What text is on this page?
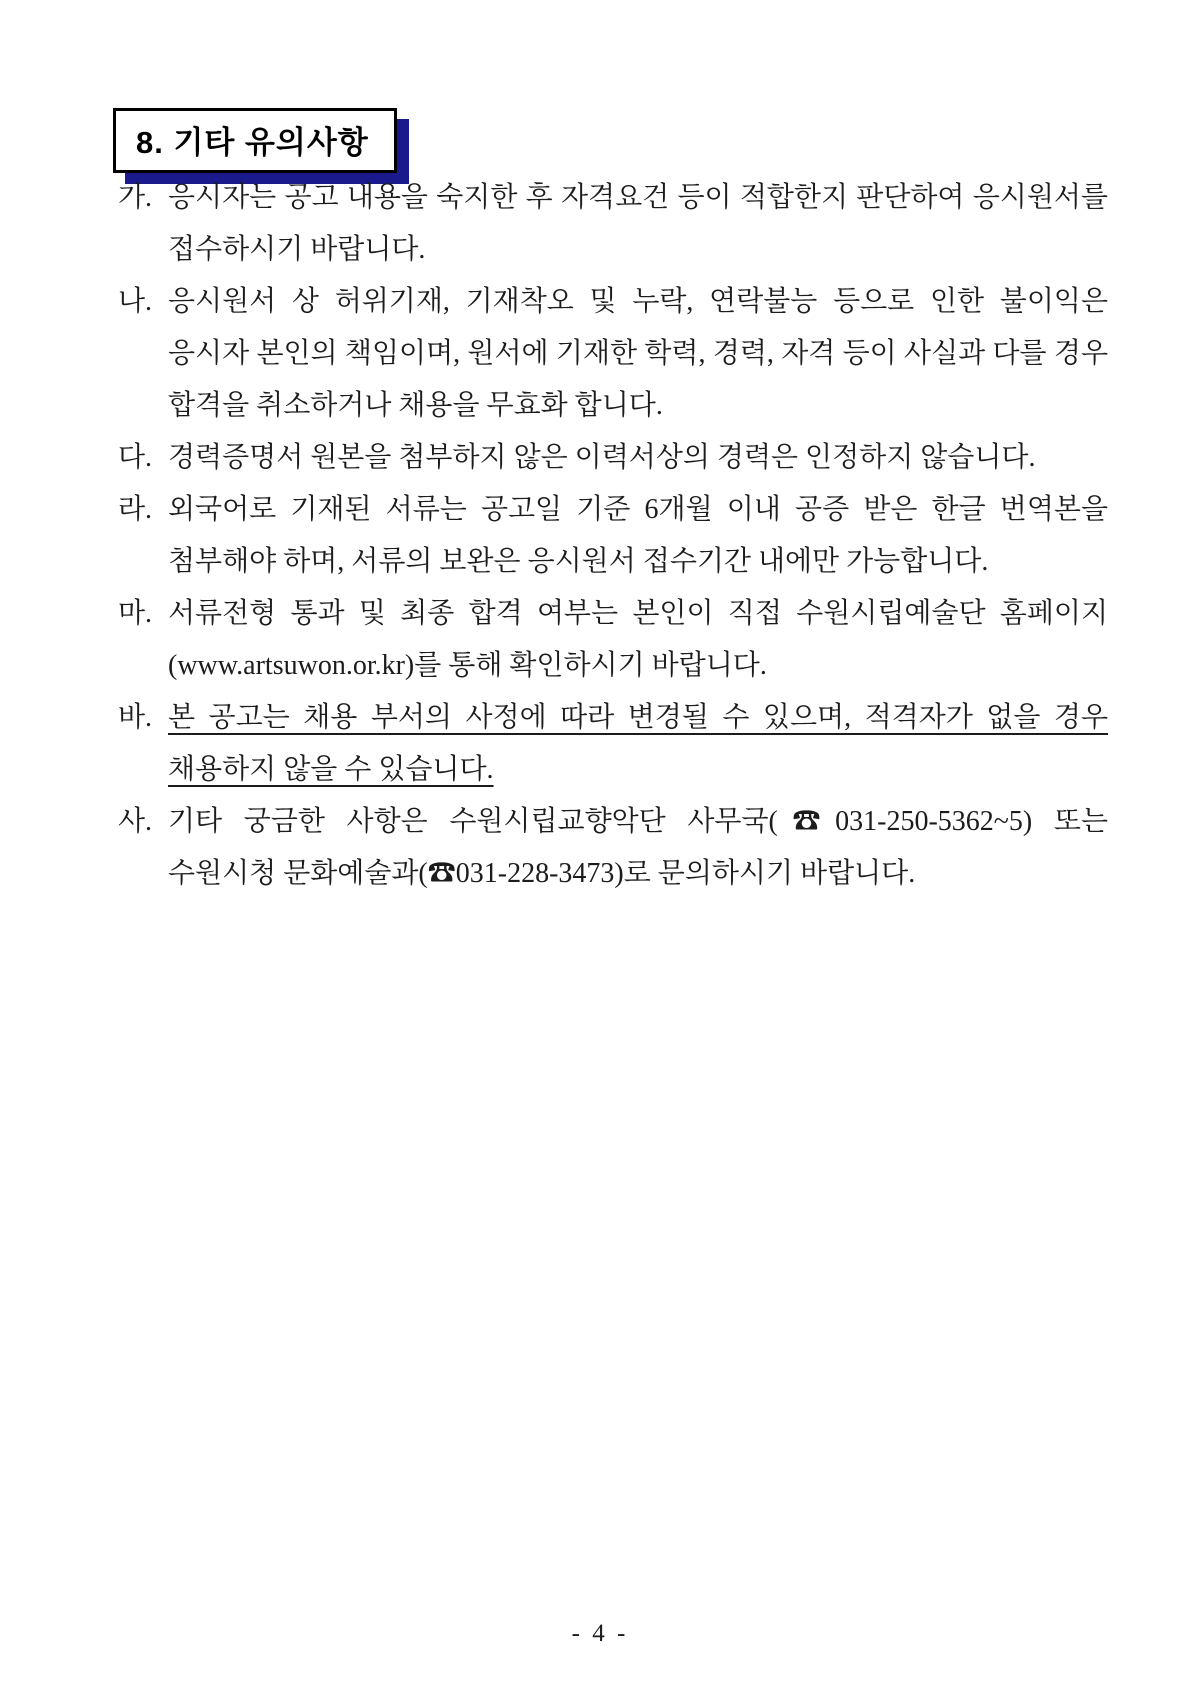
8. 기타 유의사항

가. 응시자는 공고 내용을 숙지한 후 자격요건 등이 적합한지 판단하여 응시원서를 접수하시기 바랍니다.

나. 응시원서 상 허위기재, 기재착오 및 누락, 연락불능 등으로 인한 불이익은 응시자 본인의 책임이며, 원서에 기재한 학력, 경력, 자격 등이 사실과 다를 경우 합격을 취소하거나 채용을 무효화 합니다.

다. 경력증명서 원본을 첨부하지 않은 이력서상의 경력은 인정하지 않습니다.

라. 외국어로 기재된 서류는 공고일 기준 6개월 이내 공증 받은 한글 번역본을 첨부해야 하며, 서류의 보완은 응시원서 접수기간 내에만 가능합니다.

마. 서류전형 통과 및 최종 합격 여부는 본인이 직접 수원시립예술단 홈페이지(www.artsuwon.or.kr)를 통해 확인하시기 바랍니다.

바. 본 공고는 채용 부서의 사정에 따라 변경될 수 있으며, 적격자가 없을 경우 채용하지 않을 수 있습니다.

사. 기타 궁금한 사항은 수원시립교향악단 사무국(☎031-250-5362~5) 또는 수원시청 문화예술과(☎031-228-3473)로 문의하시기 바랍니다.

- 4 -
